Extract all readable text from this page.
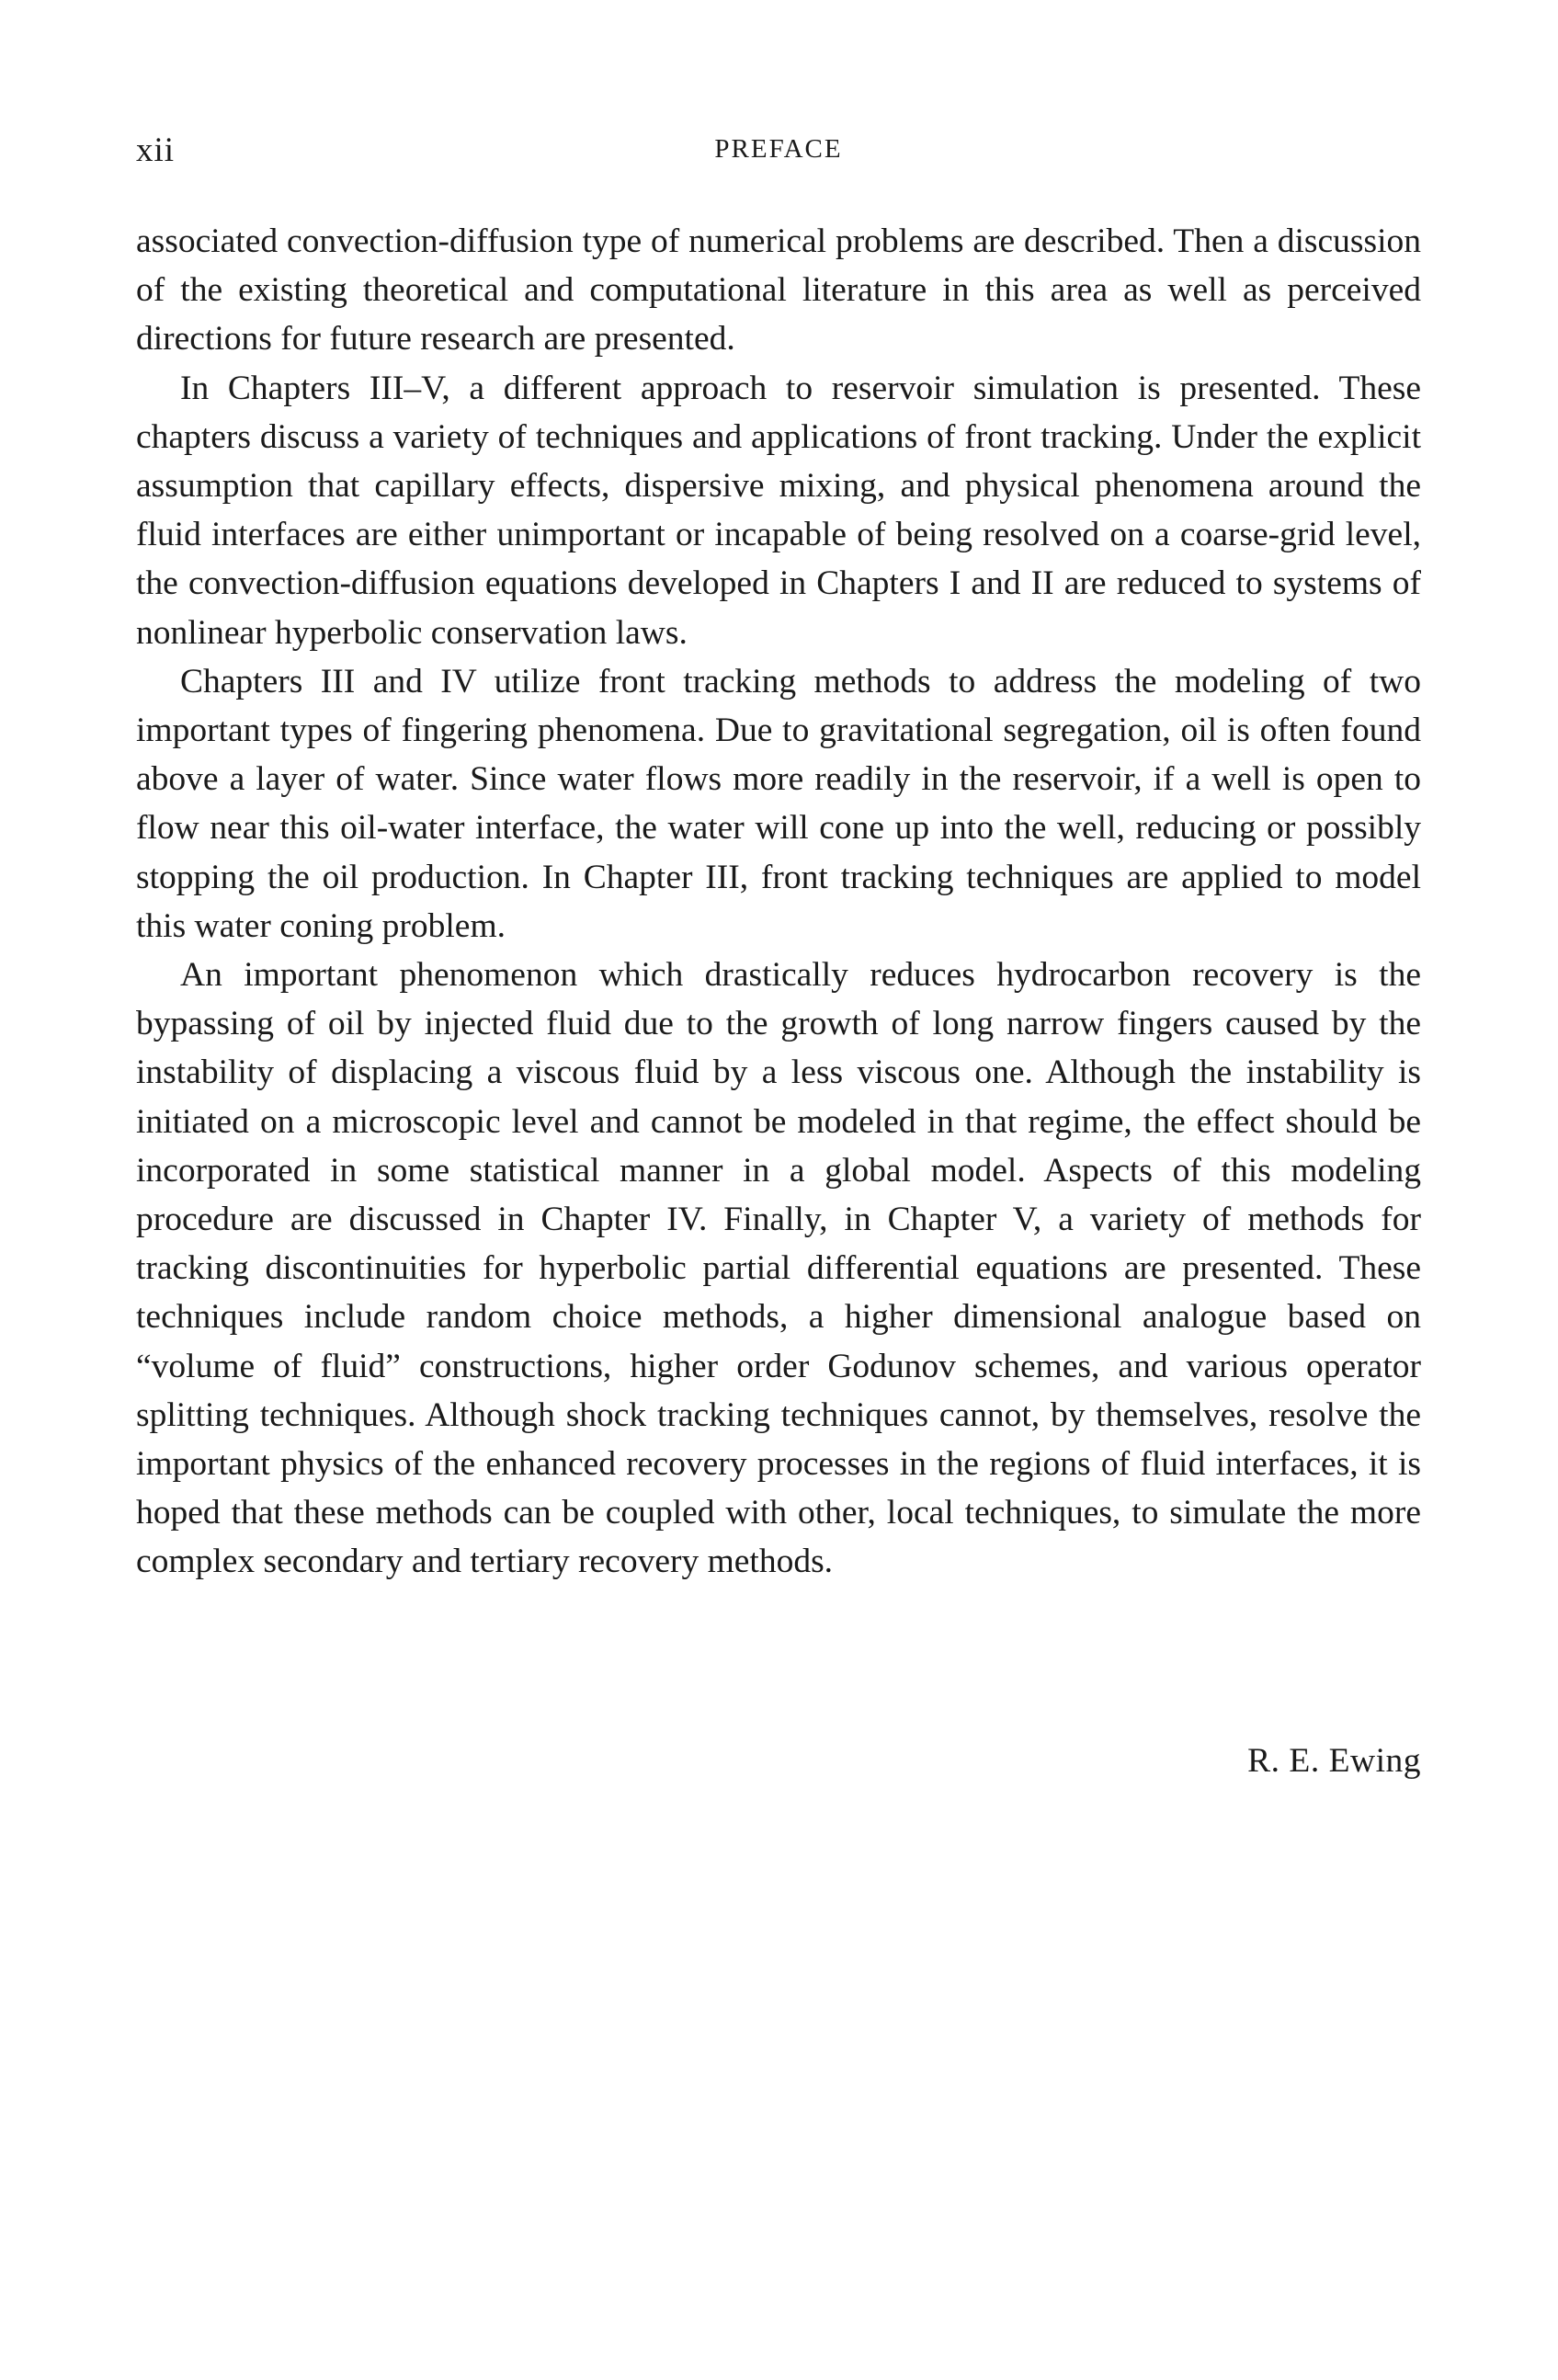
xii	PREFACE

associated convection-diffusion type of numerical problems are described. Then a discussion of the existing theoretical and computational literature in this area as well as perceived directions for future research are presented.

In Chapters III–V, a different approach to reservoir simulation is presented. These chapters discuss a variety of techniques and applications of front tracking. Under the explicit assumption that capillary effects, dispersive mixing, and physical phenomena around the fluid interfaces are either unimportant or incapable of being resolved on a coarse-grid level, the convection-diffusion equations developed in Chapters I and II are reduced to systems of nonlinear hyperbolic conservation laws.

Chapters III and IV utilize front tracking methods to address the modeling of two important types of fingering phenomena. Due to gravitational segregation, oil is often found above a layer of water. Since water flows more readily in the reservoir, if a well is open to flow near this oil-water interface, the water will cone up into the well, reducing or possibly stopping the oil production. In Chapter III, front tracking techniques are applied to model this water coning problem.

An important phenomenon which drastically reduces hydrocarbon recovery is the bypassing of oil by injected fluid due to the growth of long narrow fingers caused by the instability of displacing a viscous fluid by a less viscous one. Although the instability is initiated on a microscopic level and cannot be modeled in that regime, the effect should be incorporated in some statistical manner in a global model. Aspects of this modeling procedure are discussed in Chapter IV. Finally, in Chapter V, a variety of methods for tracking discontinuities for hyperbolic partial differential equations are presented. These techniques include random choice methods, a higher dimensional analogue based on “volume of fluid” constructions, higher order Godunov schemes, and various operator splitting techniques. Although shock tracking techniques cannot, by themselves, resolve the important physics of the enhanced recovery processes in the regions of fluid interfaces, it is hoped that these methods can be coupled with other, local techniques, to simulate the more complex secondary and tertiary recovery methods.

R. E. Ewing
